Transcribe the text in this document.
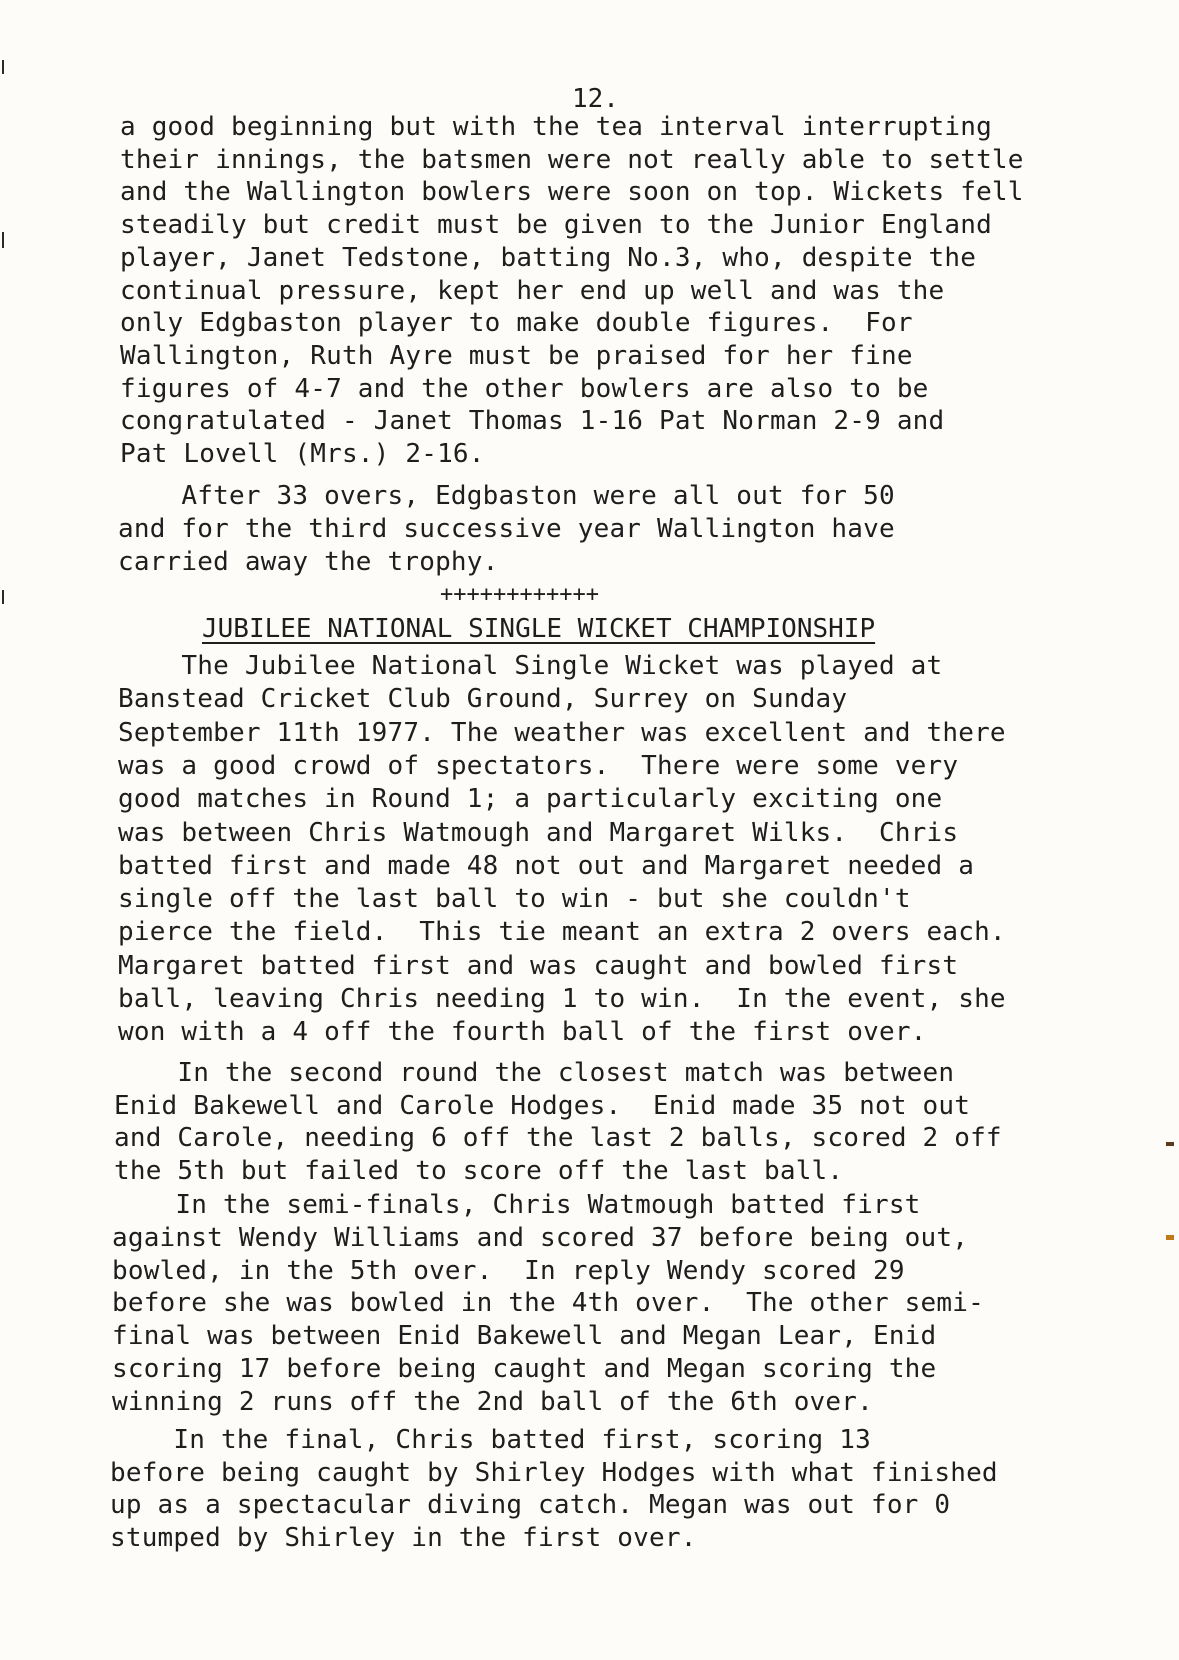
12.
a good beginning but with the tea interval interrupting
their innings, the batsmen were not really able to settle
and the Wallington bowlers were soon on top. Wickets fell
steadily but credit must be given to the Junior England
player, Janet Tedstone, batting No.3, who, despite the
continual pressure, kept her end up well and was the
only Edgbaston player to make double figures.  For
Wallington, Ruth Ayre must be praised for her fine
figures of 4-7 and the other bowlers are also to be
congratulated - Janet Thomas 1-16 Pat Norman 2-9 and
Pat Lovell (Mrs.) 2-16.
After 33 overs, Edgbaston were all out for 50
and for the third successive year Wallington have
carried away the trophy.
++++++++++++
JUBILEE NATIONAL SINGLE WICKET CHAMPIONSHIP
The Jubilee National Single Wicket was played at
Banstead Cricket Club Ground, Surrey on Sunday
September 11th 1977. The weather was excellent and there
was a good crowd of spectators.  There were some very
good matches in Round 1; a particularly exciting one
was between Chris Watmough and Margaret Wilks.  Chris
batted first and made 48 not out and Margaret needed a
single off the last ball to win - but she couldn't
pierce the field.  This tie meant an extra 2 overs each.
Margaret batted first and was caught and bowled first
ball, leaving Chris needing 1 to win.  In the event, she
won with a 4 off the fourth ball of the first over.
In the second round the closest match was between
Enid Bakewell and Carole Hodges.  Enid made 35 not out
and Carole, needing 6 off the last 2 balls, scored 2 off
the 5th but failed to score off the last ball.
In the semi-finals, Chris Watmough batted first
against Wendy Williams and scored 37 before being out,
bowled, in the 5th over.  In reply Wendy scored 29
before she was bowled in the 4th over.  The other semi-
final was between Enid Bakewell and Megan Lear, Enid
scoring 17 before being caught and Megan scoring the
winning 2 runs off the 2nd ball of the 6th over.
In the final, Chris batted first, scoring 13
before being caught by Shirley Hodges with what finished
up as a spectacular diving catch. Megan was out for 0
stumped by Shirley in the first over.
